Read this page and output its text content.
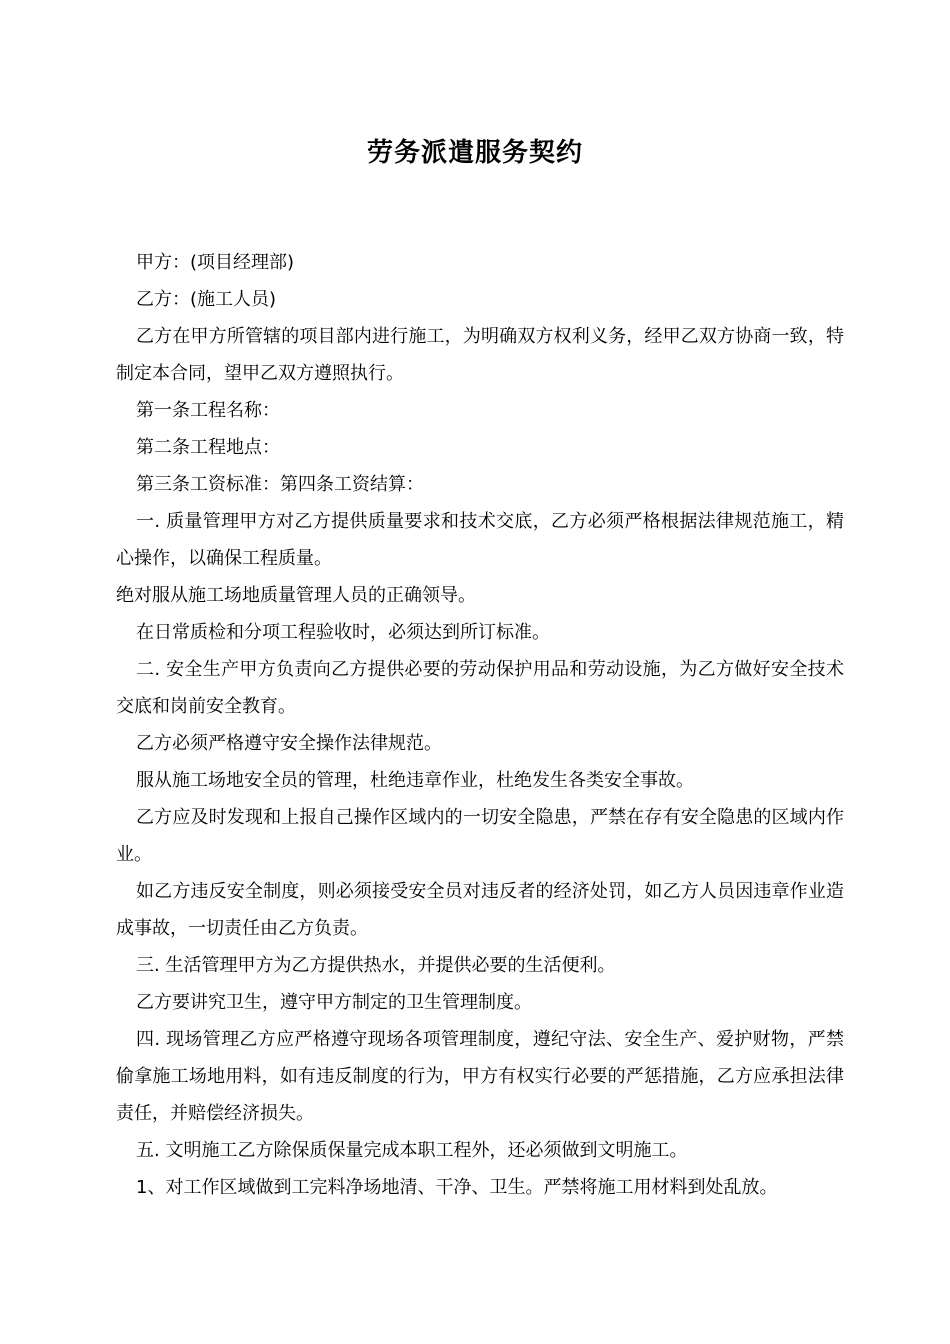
劳务派遣服务契约

甲方：(项目经理部)

乙方：(施工人员)

乙方在甲方所管辖的项目部内进行施工，为明确双方权利义务，经甲乙双方协商一致，特制定本合同，望甲乙双方遵照执行。

第一条工程名称：

第二条工程地点：

第三条工资标准：第四条工资结算：

一. 质量管理甲方对乙方提供质量要求和技术交底，乙方必须严格根据法律规范施工，精心操作，以确保工程质量。

绝对服从施工场地质量管理人员的正确领导。

在日常质检和分项工程验收时，必须达到所订标准。

二. 安全生产甲方负责向乙方提供必要的劳动保护用品和劳动设施，为乙方做好安全技术交底和岗前安全教育。

乙方必须严格遵守安全操作法律规范。

服从施工场地安全员的管理，杜绝违章作业，杜绝发生各类安全事故。

乙方应及时发现和上报自己操作区域内的一切安全隐患，严禁在存有安全隐患的区域内作业。

如乙方违反安全制度，则必须接受安全员对违反者的经济处罚，如乙方人员因违章作业造成事故，一切责任由乙方负责。

三. 生活管理甲方为乙方提供热水，并提供必要的生活便利。

乙方要讲究卫生，遵守甲方制定的卫生管理制度。

四. 现场管理乙方应严格遵守现场各项管理制度，遵纪守法、安全生产、爱护财物，严禁偷拿施工场地用料，如有违反制度的行为，甲方有权实行必要的严惩措施，乙方应承担法律责任，并赔偿经济损失。

五. 文明施工乙方除保质保量完成本职工程外，还必须做到文明施工。

1、对工作区域做到工完料净场地清、干净、卫生。严禁将施工用材料到处乱放。
